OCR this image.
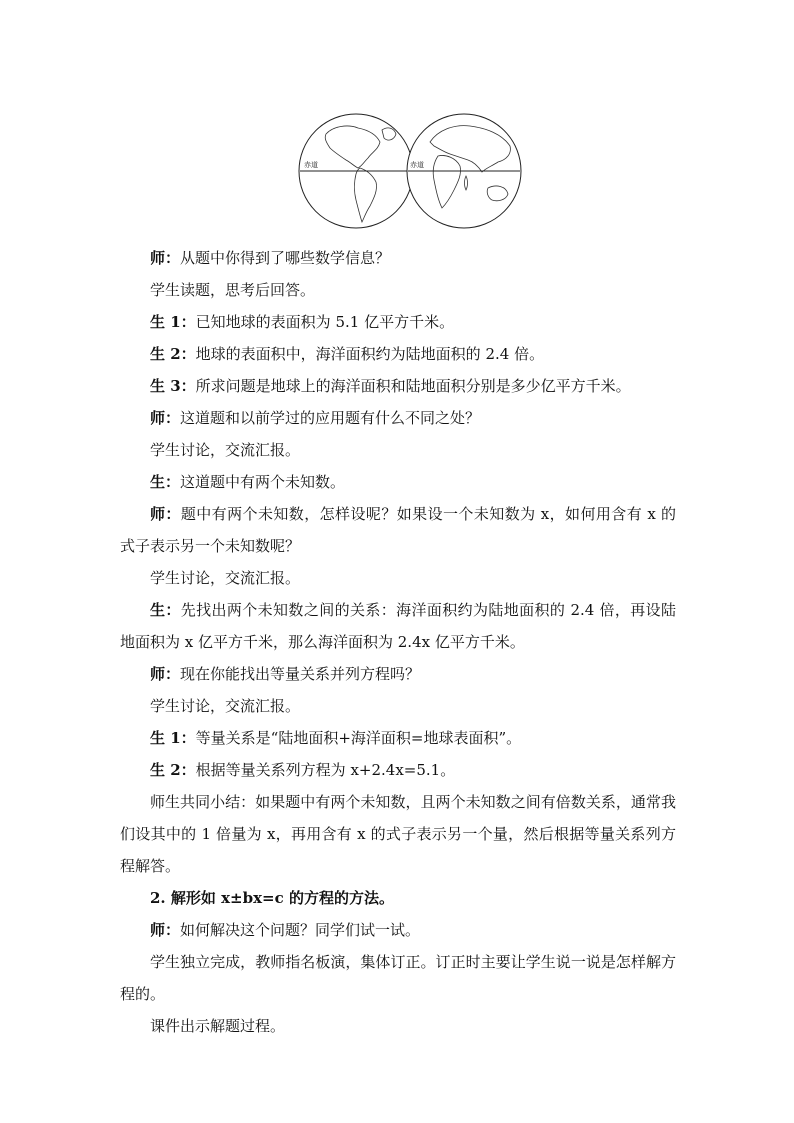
赤道	赤道

师：从题中你得到了哪些数学信息？

学生读题，思考后回答。

生 1：已知地球的表面积为 5.1 亿平方千米。

生 2：地球的表面积中，海洋面积约为陆地面积的 2.4 倍。

生 3：所求问题是地球上的海洋面积和陆地面积分别是多少亿平方千米。

师：这道题和以前学过的应用题有什么不同之处？

学生讨论，交流汇报。

生：这道题中有两个未知数。

师：题中有两个未知数，怎样设呢？如果设一个未知数为 x，如何用含有 x 的式子表示另一个未知数呢？

学生讨论，交流汇报。

生：先找出两个未知数之间的关系：海洋面积约为陆地面积的 2.4 倍，再设陆地面积为 x 亿平方千米，那么海洋面积为 2.4x 亿平方千米。

师：现在你能找出等量关系并列方程吗？

学生讨论，交流汇报。

生 1：等量关系是“陆地面积+海洋面积=地球表面积”。

生 2：根据等量关系列方程为 x+2.4x=5.1。

师生共同小结：如果题中有两个未知数，且两个未知数之间有倍数关系，通常我们设其中的 1 倍量为 x，再用含有 x 的式子表示另一个量，然后根据等量关系列方程解答。

2. 解形如 x±bx=c 的方程的方法。

师：如何解决这个问题？同学们试一试。

学生独立完成，教师指名板演，集体订正。订正时主要让学生说一说是怎样解方程的。

课件出示解题过程。
